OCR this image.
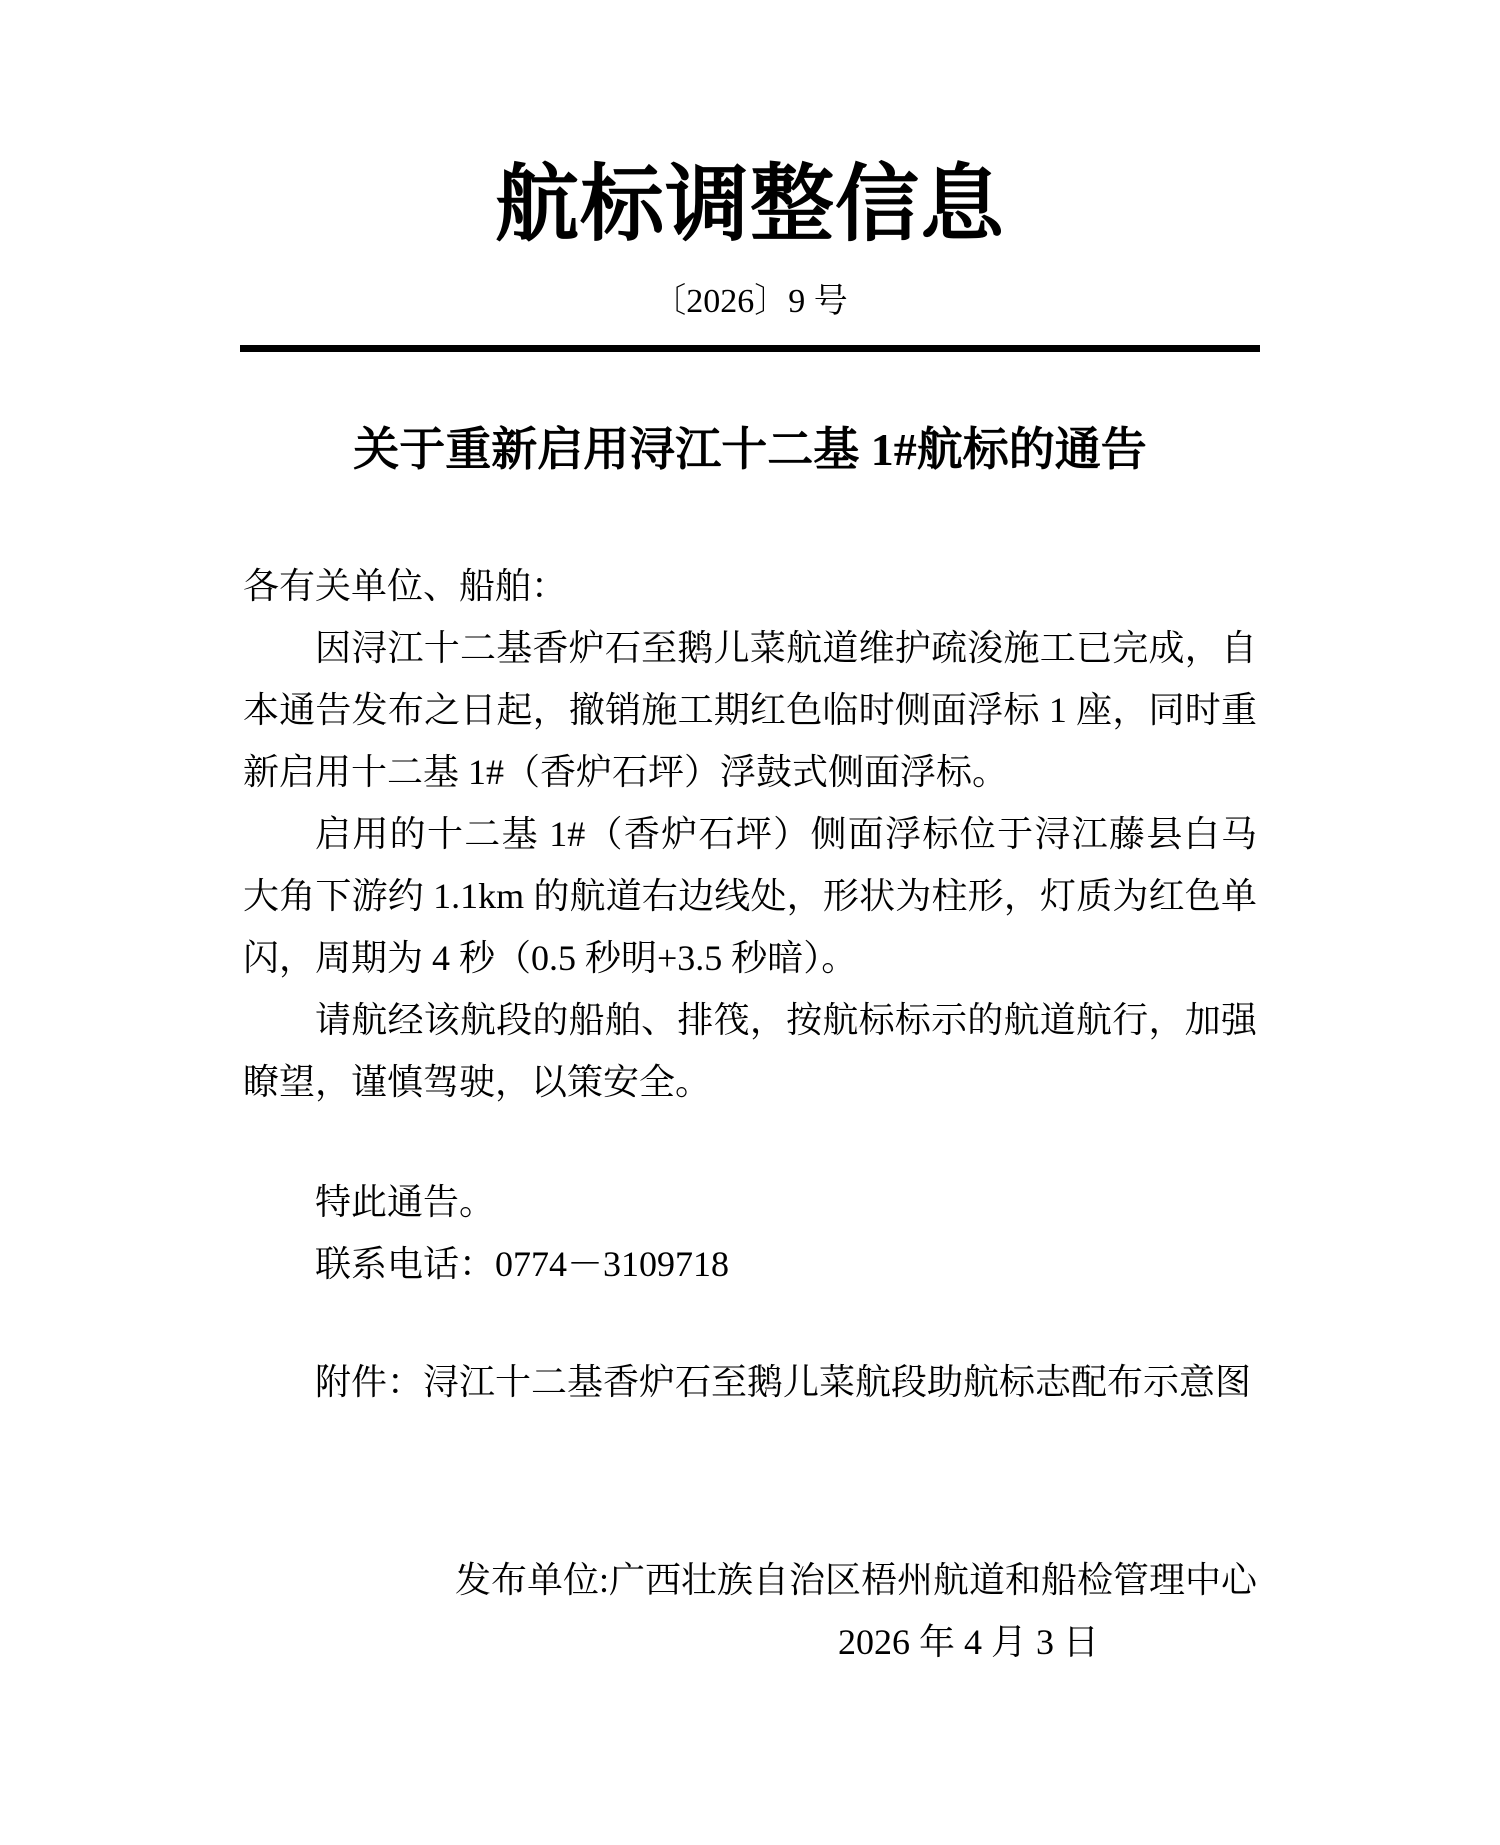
航标调整信息
〔2026〕9 号
关于重新启用浔江十二基 1#航标的通告

各有关单位、船舶：

因浔江十二基香炉石至鹅儿菜航道维护疏浚施工已完成，自本通告发布之日起，撤销施工期红色临时侧面浮标 1 座，同时重新启用十二基 1#（香炉石坪）浮鼓式侧面浮标。

启用的十二基 1#（香炉石坪）侧面浮标位于浔江藤县白马大角下游约 1.1km 的航道右边线处，形状为柱形，灯质为红色单闪，周期为 4 秒（0.5 秒明+3.5 秒暗）。

请航经该航段的船舶、排筏，按航标标示的航道航行，加强瞭望，谨慎驾驶，以策安全。

特此通告。

联系电话：0774－3109718

附件：浔江十二基香炉石至鹅儿菜航段助航标志配布示意图

发布单位:广西壮族自治区梧州航道和船检管理中心

2026 年 4 月 3 日
